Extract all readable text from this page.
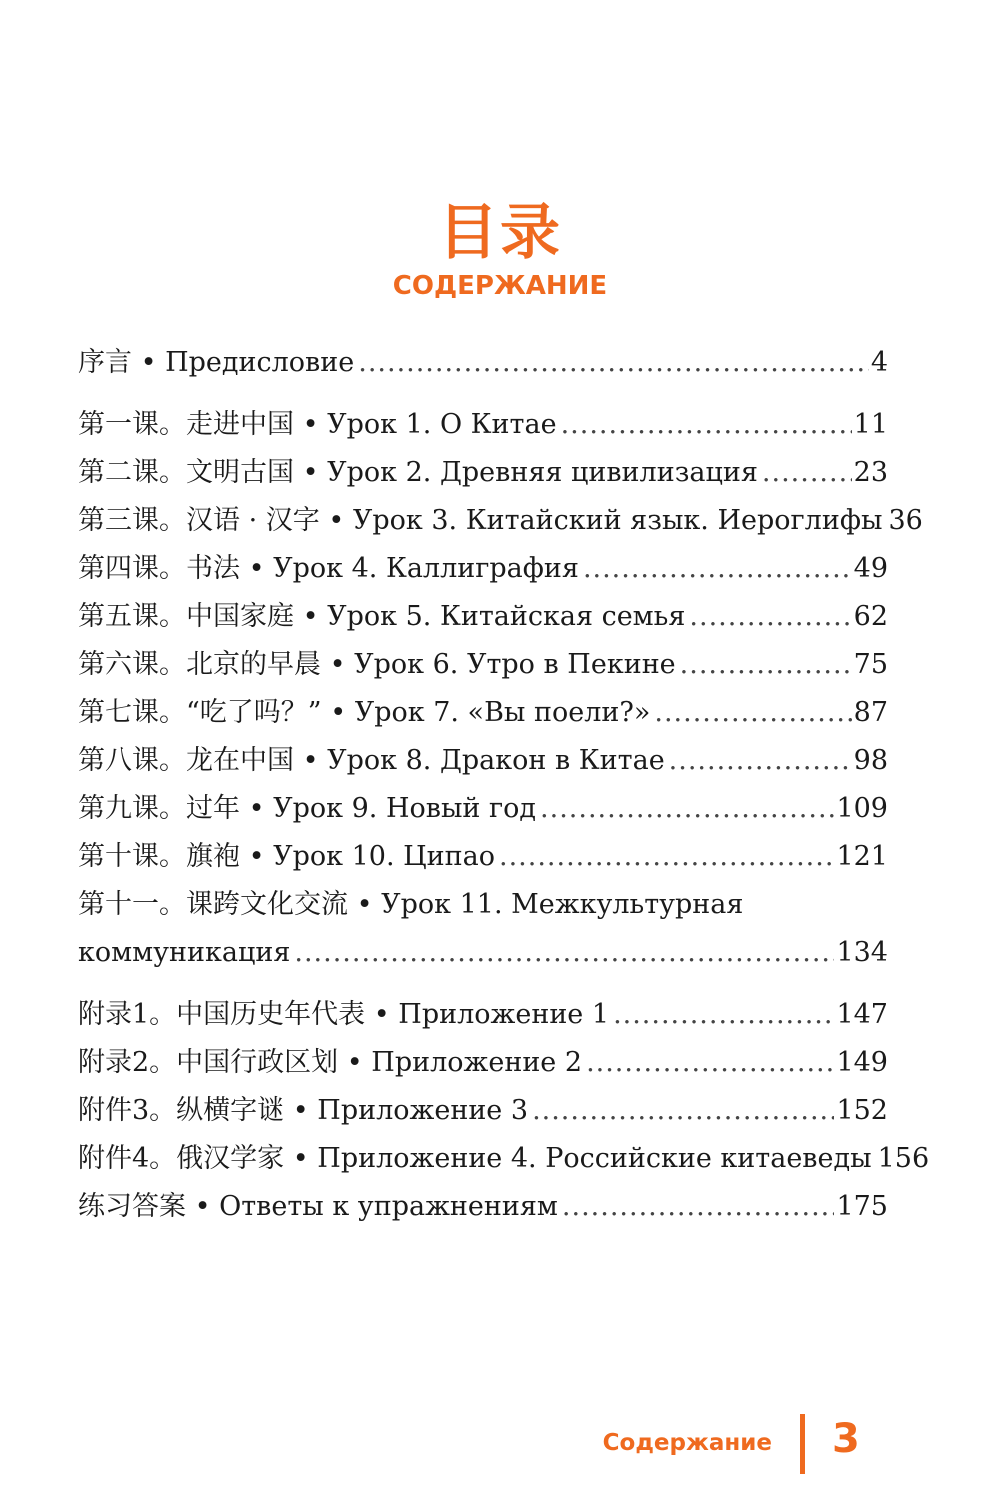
目录
СОДЕРЖАНИЕ
序言 • Предисловие .....	4
第一课。走进中国 • Урок 1. О Китае .....	11
第二课。文明古国 • Урок 2. Древняя цивилизация .....	23
第三课。汉语 · 汉字 • Урок 3. Китайский язык. Иероглифы 36
第四课。书法 • Урок 4. Каллиграфия .....	49
第五课。中国家庭 • Урок 5. Китайская семья .....	62
第六课。北京的早晨 • Урок 6. Утро в Пекине .....	75
第七课。“吃了吗？” • Урок 7. «Вы поели?» .....	87
第八课。龙在中国 • Урок 8. Дракон в Китае .....	98
第九课。过年 • Урок 9. Новый год .....	109
第十课。旗袍 • Урок 10. Ципао .....	121
第十一。课跨文化交流 • Урок 11. Межкультурная
коммуникация .....	134
附录1。中国历史年代表 • Приложение 1 .....	147
附录2。中国行政区划 • Приложение 2 .....	149
附件3。纵横字谜 • Приложение 3 .....	152
附件4。俄汉学家 • Приложение 4. Российские китаеведы 156
练习答案 • Ответы к упражнениям .....	175
Содержание 3
